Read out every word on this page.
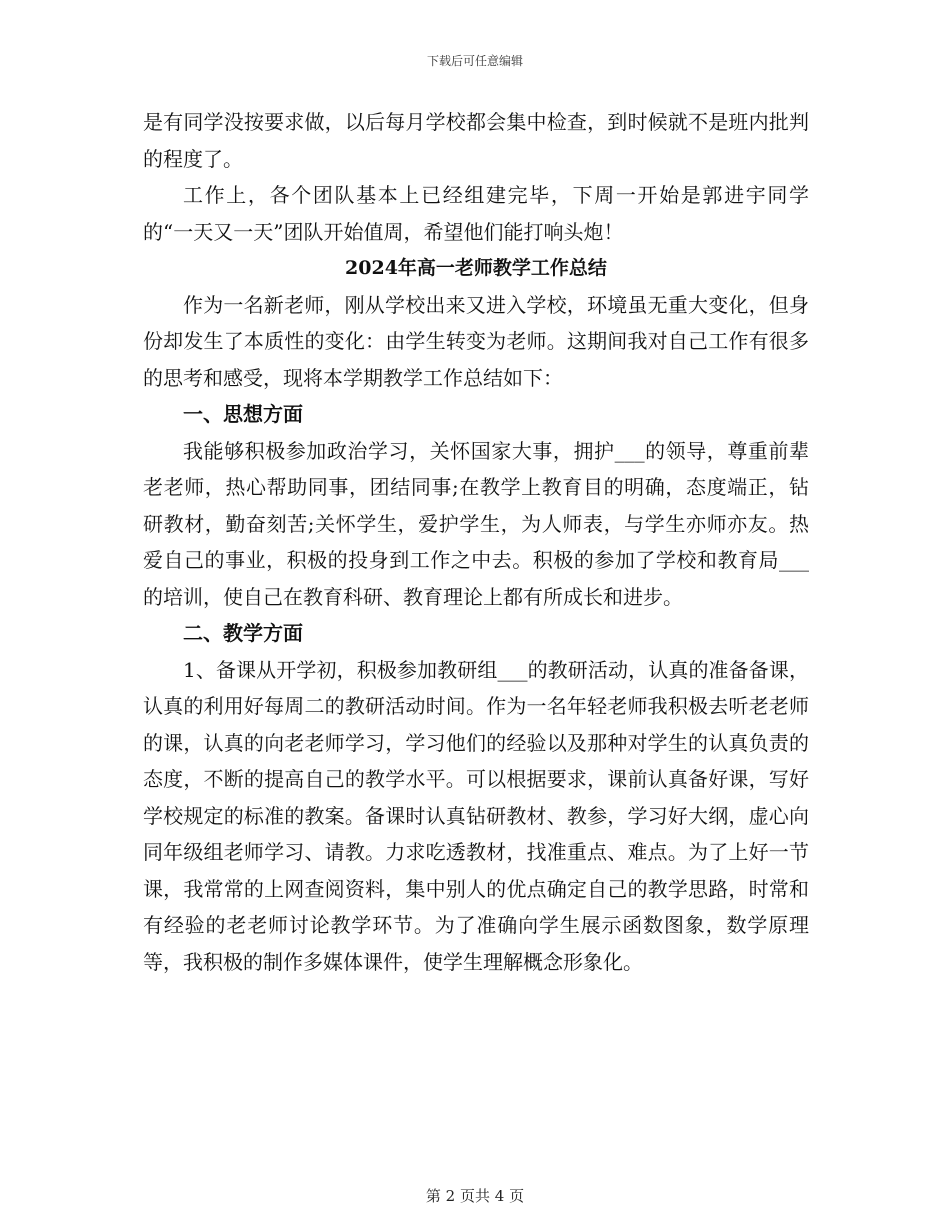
下载后可任意编辑

是有同学没按要求做，以后每月学校都会集中检查，到时候就不是班内批判的程度了。

工作上，各个团队基本上已经组建完毕，下周一开始是郭进宇同学的“一天又一天”团队开始值周，希望他们能打响头炮！

2024年高一老师教学工作总结

作为一名新老师，刚从学校出来又进入学校，环境虽无重大变化，但身份却发生了本质性的变化：由学生转变为老师。这期间我对自己工作有很多的思考和感受，现将本学期教学工作总结如下：

一、思想方面

我能够积极参加政治学习，关怀国家大事，拥护___的领导，尊重前辈老老师，热心帮助同事，团结同事;在教学上教育目的明确，态度端正，钻研教材，勤奋刻苦;关怀学生，爱护学生，为人师表，与学生亦师亦友。热爱自己的事业，积极的投身到工作之中去。积极的参加了学校和教育局___的培训，使自己在教育科研、教育理论上都有所成长和进步。

二、教学方面

1、备课从开学初，积极参加教研组___的教研活动，认真的准备备课，认真的利用好每周二的教研活动时间。作为一名年轻老师我积极去听老老师的课，认真的向老老师学习，学习他们的经验以及那种对学生的认真负责的态度，不断的提高自己的教学水平。可以根据要求，课前认真备好课，写好学校规定的标准的教案。备课时认真钻研教材、教参，学习好大纲，虚心向同年级组老师学习、请教。力求吃透教材，找准重点、难点。为了上好一节课，我常常的上网查阅资料，集中别人的优点确定自己的教学思路，时常和有经验的老老师讨论教学环节。为了准确向学生展示函数图象，数学原理等，我积极的制作多媒体课件，使学生理解概念形象化。

第 2 页共 4 页
